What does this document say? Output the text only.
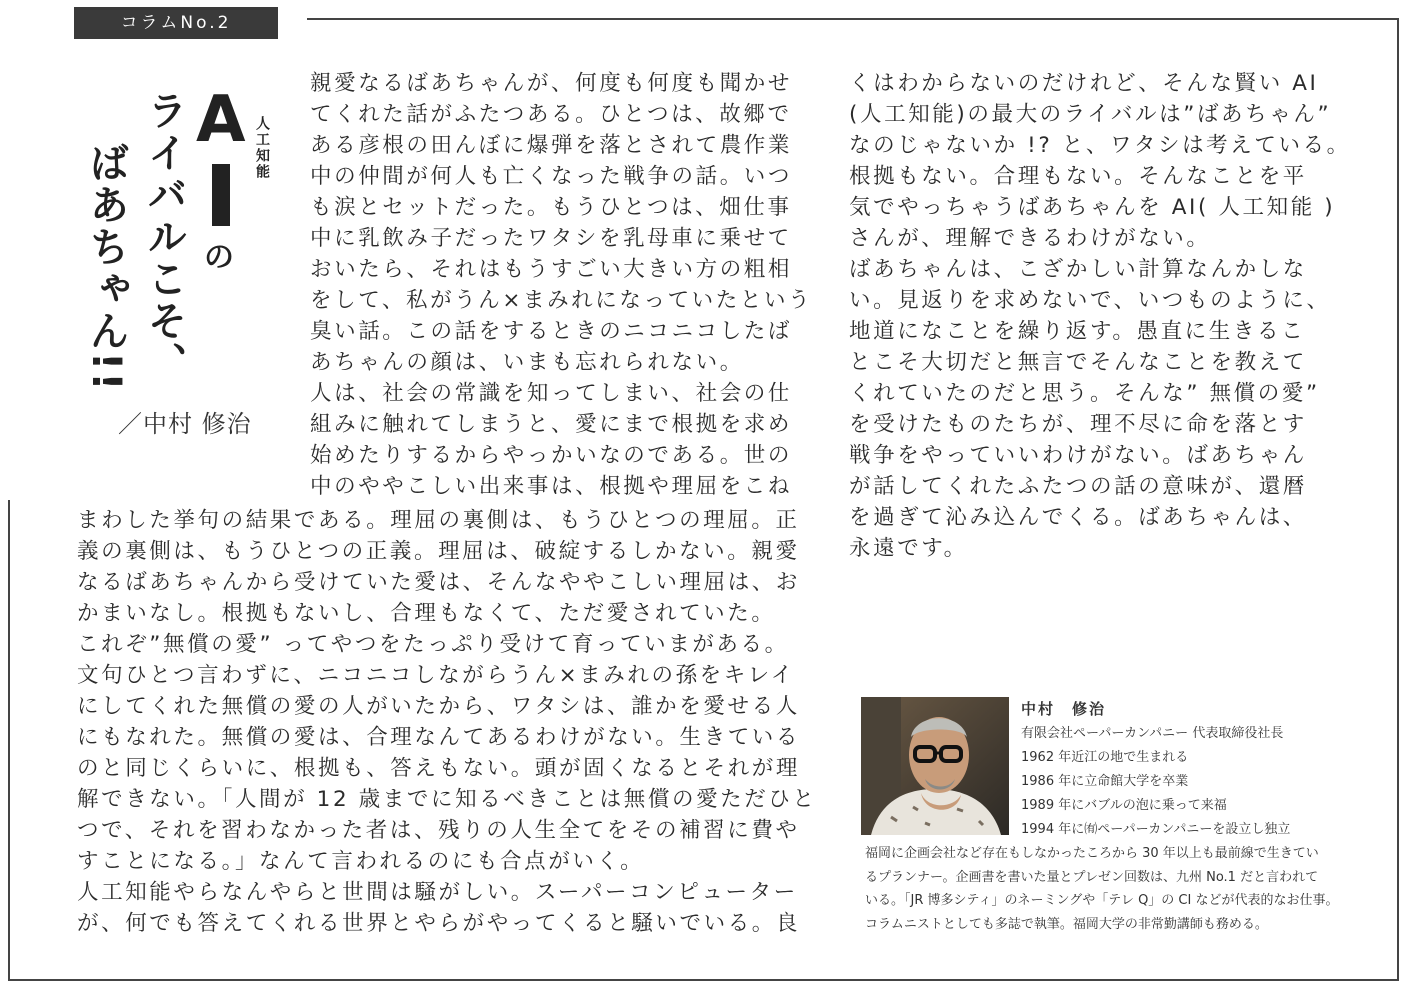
コラムNo.2
A 人工知能
の
ライバルこそ、
ばあちゃん!!
／中村 修治
親愛なるばあちゃんが、何度も何度も聞かせ
てくれた話がふたつある。ひとつは、故郷で
ある彦根の田んぼに爆弾を落とされて農作業
中の仲間が何人も亡くなった戦争の話。いつ
も涙とセットだった。もうひとつは、畑仕事
中に乳飲み子だったワタシを乳母車に乗せて
おいたら、それはもうすごい大きい方の粗相
をして、私がうん×まみれになっていたという
臭い話。この話をするときのニコニコしたば
あちゃんの顔は、いまも忘れられない。
人は、社会の常識を知ってしまい、社会の仕
組みに触れてしまうと、愛にまで根拠を求め
始めたりするからやっかいなのである。世の
中のややこしい出来事は、根拠や理屈をこね
まわした挙句の結果である。理屈の裏側は、もうひとつの理屈。正
義の裏側は、もうひとつの正義。理屈は、破綻するしかない。親愛
なるばあちゃんから受けていた愛は、そんなややこしい理屈は、お
かまいなし。根拠もないし、合理もなくて、ただ愛されていた。
これぞ”無償の愛” ってやつをたっぷり受けて育っていまがある。
文句ひとつ言わずに、ニコニコしながらうん×まみれの孫をキレイ
にしてくれた無償の愛の人がいたから、ワタシは、誰かを愛せる人
にもなれた。無償の愛は、合理なんてあるわけがない。生きている
のと同じくらいに、根拠も、答えもない。頭が固くなるとそれが理
解できない。「人間が 12 歳までに知るべきことは無償の愛ただひと
つで、それを習わなかった者は、残りの人生全てをその補習に費や
すことになる。」なんて言われるのにも合点がいく。
人工知能やらなんやらと世間は騒がしい。スーパーコンピューター
が、何でも答えてくれる世界とやらがやってくると騒いでいる。良
くはわからないのだけれど、そんな賢い AI
(人工知能)の最大のライバルは”ばあちゃん”
なのじゃないか !? と、ワタシは考えている。
根拠もない。合理もない。そんなことを平
気でやっちゃうばあちゃんを AI( 人工知能 )
さんが、理解できるわけがない。
ばあちゃんは、こざかしい計算なんかしな
い。見返りを求めないで、いつものように、
地道になことを繰り返す。愚直に生きるこ
とこそ大切だと無言でそんなことを教えて
くれていたのだと思う。そんな” 無償の愛”
を受けたものたちが、理不尽に命を落とす
戦争をやっていいわけがない。ばあちゃん
が話してくれたふたつの話の意味が、還暦
を過ぎて沁み込んでくる。ばあちゃんは、
永遠です。
中村　修治
有限会社ペーパーカンパニー 代表取締役社長
1962 年近江の地で生まれる
1986 年に立命館大学を卒業
1989 年にバブルの泡に乗って来福
1994 年に㈲ペーパーカンパニーを設立し独立
福岡に企画会社など存在もしなかったころから 30 年以上も最前線で生きてい
るプランナー。企画書を書いた量とプレゼン回数は、九州 No.1 だと言われて
いる。「JR 博多シティ」のネーミングや「テレ Q」の CI などが代表的なお仕事。
コラムニストとしても多誌で執筆。福岡大学の非常勤講師も務める。
